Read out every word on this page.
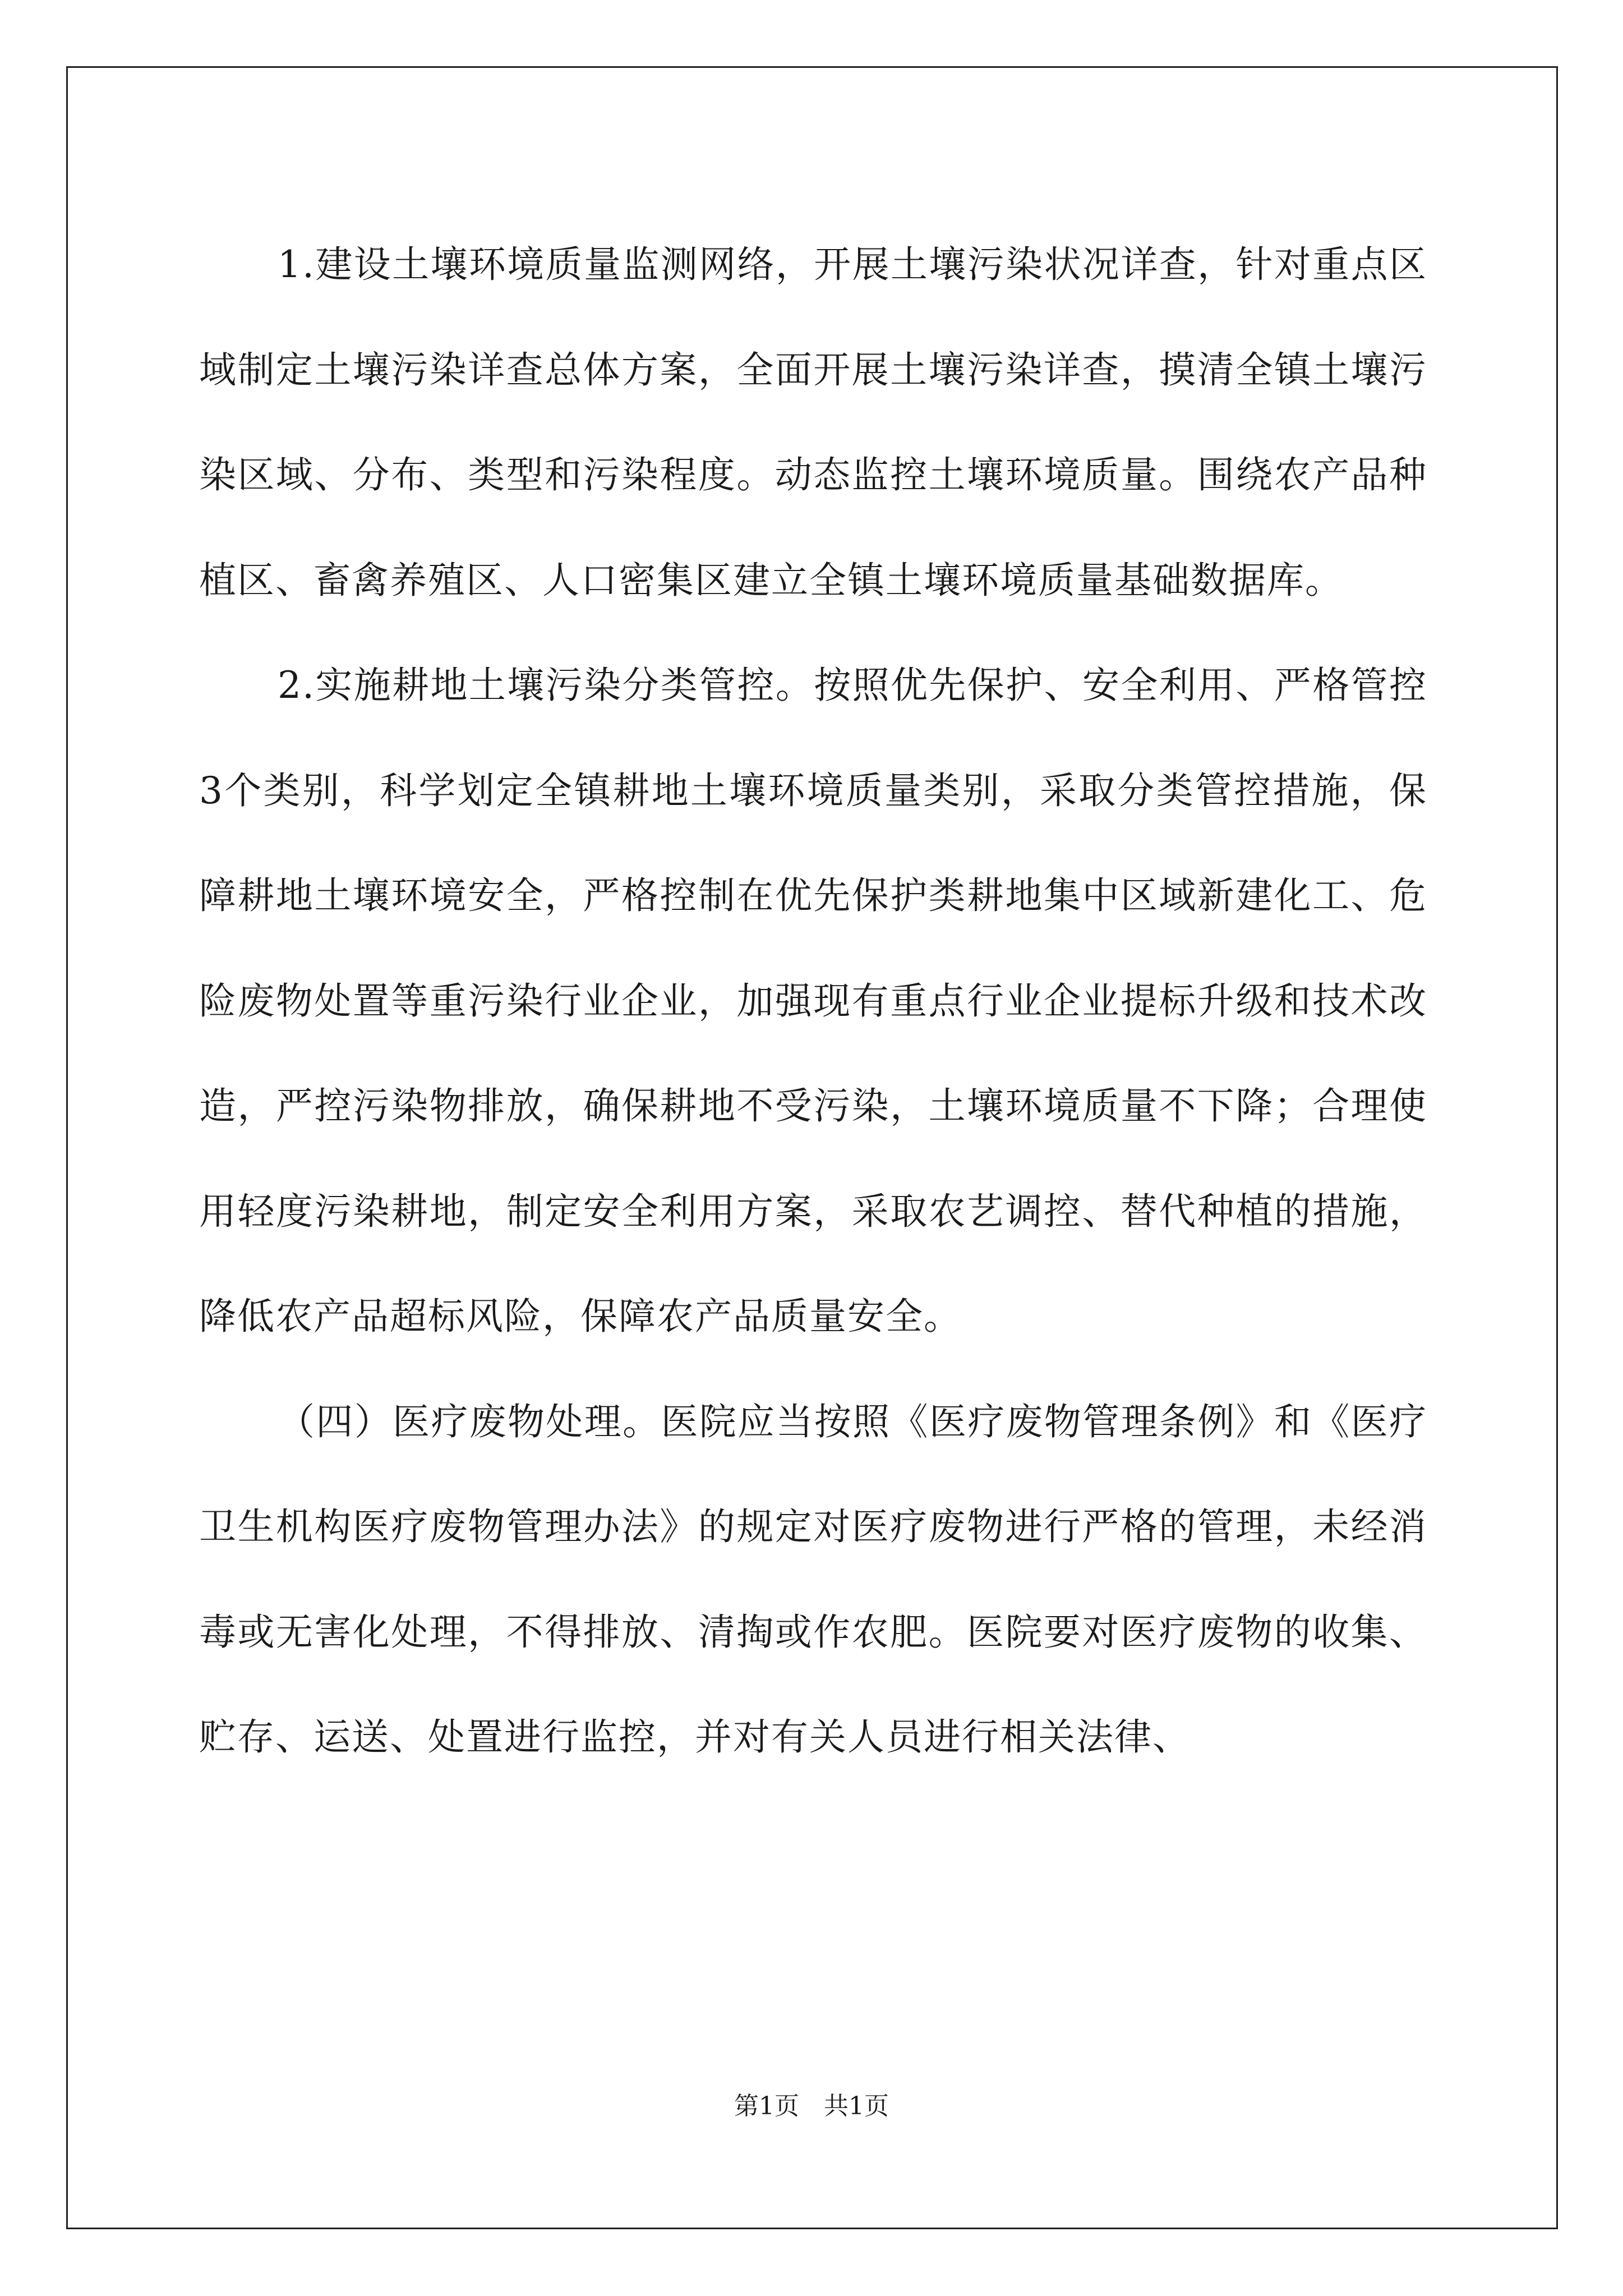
1.建设土壤环境质量监测网络，开展土壤污染状况详查，针对重点区域制定土壤污染详查总体方案，全面开展土壤污染详查，摸清全镇土壤污染区域、分布、类型和污染程度。动态监控土壤环境质量。围绕农产品种植区、畜禽养殖区、人口密集区建立全镇土壤环境质量基础数据库。

2.实施耕地土壤污染分类管控。按照优先保护、安全利用、严格管控3个类别，科学划定全镇耕地土壤环境质量类别，采取分类管控措施，保障耕地土壤环境安全，严格控制在优先保护类耕地集中区域新建化工、危险废物处置等重污染行业企业，加强现有重点行业企业提标升级和技术改造，严控污染物排放，确保耕地不受污染，土壤环境质量不下降；合理使用轻度污染耕地，制定安全利用方案，采取农艺调控、替代种植的措施，降低农产品超标风险，保障农产品质量安全。

（四）医疗废物处理。医院应当按照《医疗废物管理条例》和《医疗卫生机构医疗废物管理办法》的规定对医疗废物进行严格的管理，未经消毒或无害化处理，不得排放、清掏或作农肥。医院要对医疗废物的收集、贮存、运送、处置进行监控，并对有关人员进行相关法律、

第1页 共1页
